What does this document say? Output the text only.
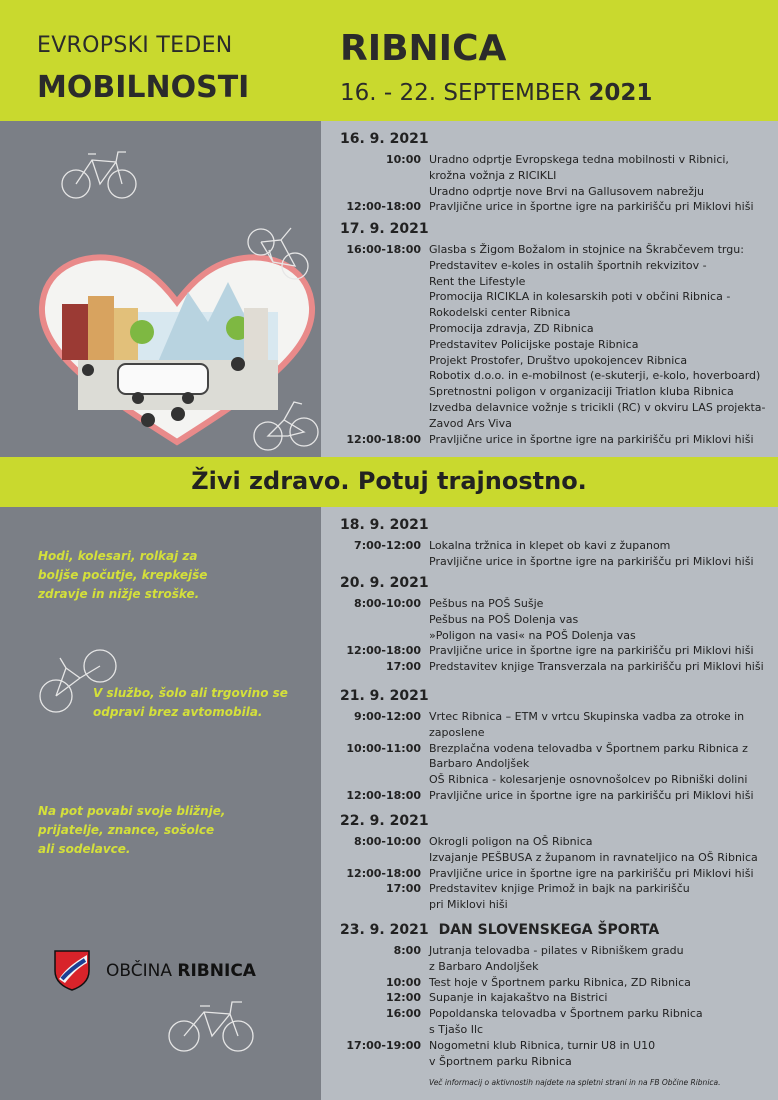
EVROPSKI TEDEN
MOBILNOSTI
RIBNICA
16. - 22. SEPTEMBER 2021
Živi zdravo. Potuj trajnostno.
Hodi, kolesari, rolkaj za
boljše počutje, krepkejše
zdravje in nižje stroške.
V službo, šolo ali trgovino se
odpravi brez avtomobila.
Na pot povabi svoje bližnje,
prijatelje, znance, sošolce
ali sodelavce.
OBČINA RIBNICA
16. 9. 2021
10:00 Uradno odprtje Evropskega tedna mobilnosti v Ribnici,
krožna vožnja z RICIKLI
Uradno odprtje nove Brvi na Gallusovem nabrežju
12:00-18:00 Pravljične urice in športne igre na parkirišču pri Miklovi hiši
17. 9. 2021
16:00-18:00 Glasba s Žigom Božalom in stojnice na Škrabčevem trgu:
Predstavitev e-koles in ostalih športnih rekvizitov -
Rent the Lifestyle
Promocija RICIKLA in kolesarskih poti v občini Ribnica -
Rokodelski center Ribnica
Promocija zdravja, ZD Ribnica
Predstavitev Policijske postaje Ribnica
Projekt Prostofer, Društvo upokojencev Ribnica
Robotix d.o.o. in e-mobilnost (e-skuterji, e-kolo, hoverboard)
Spretnostni poligon v organizaciji Triatlon kluba Ribnica
Izvedba delavnice vožnje s tricikli (RC) v okviru LAS projekta-
Zavod Ars Viva
12:00-18:00 Pravljične urice in športne igre na parkirišču pri Miklovi hiši
18. 9. 2021
7:00-12:00 Lokalna tržnica in klepet ob kavi z županom
Pravljične urice in športne igre na parkirišču pri Miklovi hiši
20. 9. 2021
8:00-10:00 Pešbus na POŠ Sušje
Pešbus na POŠ Dolenja vas
»Poligon na vasi« na POŠ Dolenja vas
12:00-18:00 Pravljične urice in športne igre na parkirišču pri Miklovi hiši
17:00 Predstavitev knjige Transverzala na parkirišču pri Miklovi hiši
21. 9. 2021
9:00-12:00 Vrtec Ribnica – ETM v vrtcu Skupinska vadba za otroke in
zaposlene
10:00-11:00 Brezplačna vodena telovadba v Športnem parku Ribnica z
Barbaro Andoljšek
OŠ Ribnica - kolesarjenje osnovnošolcev po Ribniški dolini
12:00-18:00 Pravljične urice in športne igre na parkirišču pri Miklovi hiši
22. 9. 2021
8:00-10:00 Okrogli poligon na OŠ Ribnica
Izvajanje PEŠBUSA z županom in ravnateljico na OŠ Ribnica
12:00-18:00 Pravljične urice in športne igre na parkirišču pri Miklovi hiši
17:00 Predstavitev knjige Primož in bajk na parkirišču
pri Miklovi hiši
23. 9. 2021 DAN SLOVENSKEGA ŠPORTA
8:00 Jutranja telovadba - pilates v Ribniškem gradu
z Barbaro Andoljšek
10:00 Test hoje v Športnem parku Ribnica, ZD Ribnica
12:00 Supanje in kajakaštvo na Bistrici
16:00 Popoldanska telovadba v Športnem parku Ribnica
s Tjašo Ilc
17:00-19:00 Nogometni klub Ribnica, turnir U8 in U10
v Športnem parku Ribnica
Več informacij o aktivnostih najdete na spletni strani in na FB Občine Ribnica.
